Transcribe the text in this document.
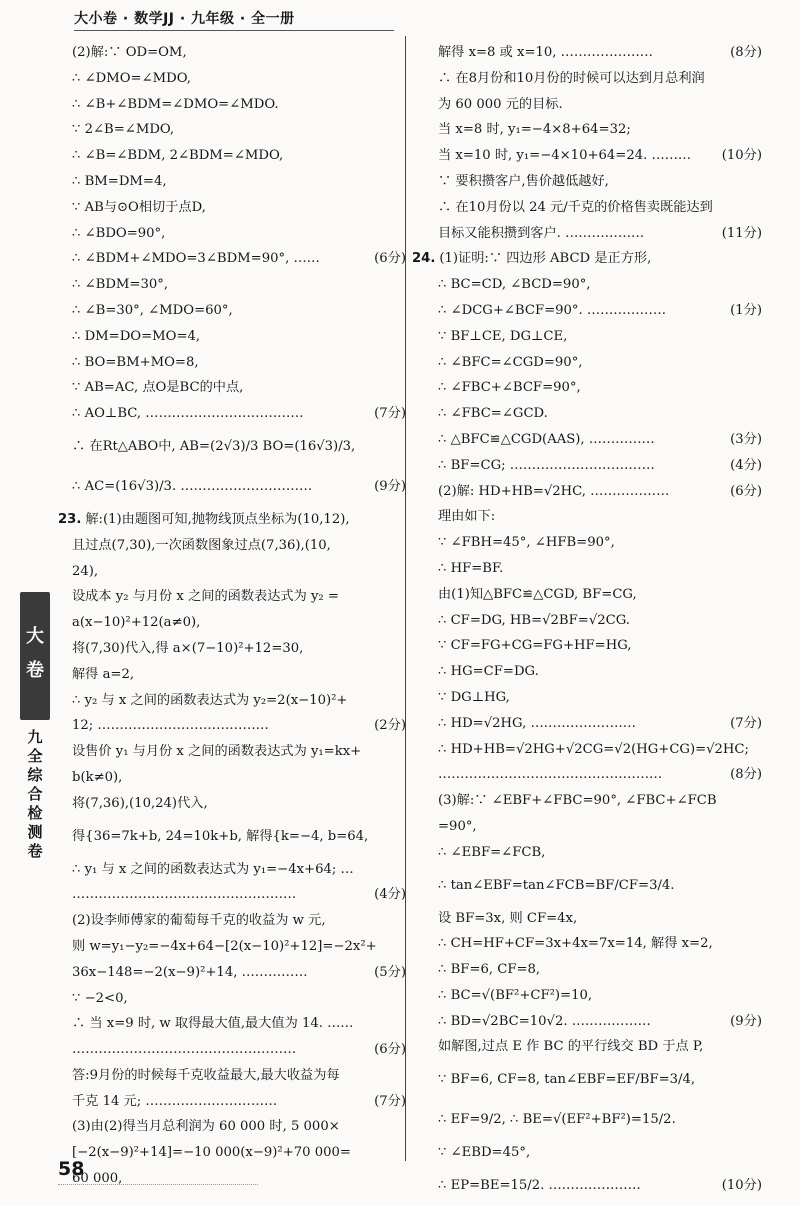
大小卷 · 数学JJ · 九年级 · 全一册
(2)解:∵ OD=OM,
∴ ∠DMO=∠MDO,
∴ ∠B+∠BDM=∠DMO=∠MDO.
∵ 2∠B=∠MDO,
∴ ∠B=∠BDM, 2∠BDM=∠MDO,
∴ BM=DM=4,
∵ AB与⊙O相切于点D,
∴ ∠BDO=90°,
(6分)
∴ ∠BDM+∠MDO=3∠BDM=90°, ……
∴ ∠BDM=30°,
∴ ∠B=30°, ∠MDO=60°,
∴ DM=DO=MO=4,
∴ BO=BM+MO=8,
∵ AB=AC, 点O是BC的中点,
(7分)
∴ AO⊥BC, ………………………………
∴ 在Rt△ABO中, AB=(2√3)/3 BO=(16√3)/3,
(9分)
∴ AC=(16√3)/3. …………………………
23. 解:(1)由题图可知,抛物线顶点坐标为(10,12),
且过点(7,30),一次函数图象过点(7,36),(10,
24),
设成本 y₂ 与月份 x 之间的函数表达式为 y₂ =
a(x−10)²+12(a≠0),
将(7,30)代入,得 a×(7−10)²+12=30,
解得 a=2,
∴ y₂ 与 x 之间的函数表达式为 y₂=2(x−10)²+
(2分)
12; …………………………………
设售价 y₁ 与月份 x 之间的函数表达式为 y₁=kx+
b(k≠0),
将(7,36),(10,24)代入,
得{36=7k+b, 24=10k+b, 解得{k=−4, b=64,
∴ y₁ 与 x 之间的函数表达式为 y₁=−4x+64; …
(4分)
……………………………………………
(2)设李师傅家的葡萄每千克的收益为 w 元,
则 w=y₁−y₂=−4x+64−[2(x−10)²+12]=−2x²+
(5分)
36x−148=−2(x−9)²+14, ……………
∵ −2<0,
∴ 当 x=9 时, w 取得最大值,最大值为 14. ……
(6分)
……………………………………………
答:9月份的时候每千克收益最大,最大收益为每
(7分)
千克 14 元; …………………………
(3)由(2)得当月总利润为 60 000 时, 5 000×
[−2(x−9)²+14]=−10 000(x−9)²+70 000=
60 000,
(8分)
解得 x=8 或 x=10, …………………
∴ 在8月份和10月份的时候可以达到月总利润
为 60 000 元的目标.
当 x=8 时, y₁=−4×8+64=32;
(10分)
当 x=10 时, y₁=−4×10+64=24. ………
∵ 要积攒客户,售价越低越好,
∴ 在10月份以 24 元/千克的价格售卖既能达到
(11分)
目标又能积攒到客户. ………………
24. (1)证明:∵ 四边形 ABCD 是正方形,
∴ BC=CD, ∠BCD=90°,
(1分)
∴ ∠DCG+∠BCF=90°. ………………
∵ BF⊥CE, DG⊥CE,
∴ ∠BFC=∠CGD=90°,
∴ ∠FBC+∠BCF=90°,
∴ ∠FBC=∠GCD.
(3分)
∴ △BFC≌△CGD(AAS), ……………
(4分)
∴ BF=CG; ……………………………
(6分)
(2)解: HD+HB=√2HC, ………………
理由如下:
∵ ∠FBH=45°, ∠HFB=90°,
∴ HF=BF.
由(1)知△BFC≌△CGD, BF=CG,
∴ CF=DG, HB=√2BF=√2CG.
∵ CF=FG+CG=FG+HF=HG,
∴ HG=CF=DG.
∵ DG⊥HG,
(7分)
∴ HD=√2HG, ……………………
∴ HD+HB=√2HG+√2CG=√2(HG+CG)=√2HC;
(8分)
……………………………………………
(3)解:∵ ∠EBF+∠FBC=90°, ∠FBC+∠FCB
=90°,
∴ ∠EBF=∠FCB,
∴ tan∠EBF=tan∠FCB=BF/CF=3/4.
设 BF=3x, 则 CF=4x,
∴ CH=HF+CF=3x+4x=7x=14, 解得 x=2,
∴ BF=6, CF=8,
∴ BC=√(BF²+CF²)=10,
(9分)
∴ BD=√2BC=10√2. ………………
如解图,过点 E 作 BC 的平行线交 BD 于点 P,
∵ BF=6, CF=8, tan∠EBF=EF/BF=3/4,
∴ EF=9/2, ∴ BE=√(EF²+BF²)=15/2.
∵ ∠EBD=45°,
(10分)
∴ EP=BE=15/2. …………………
大
卷
九全综合检测卷
58
